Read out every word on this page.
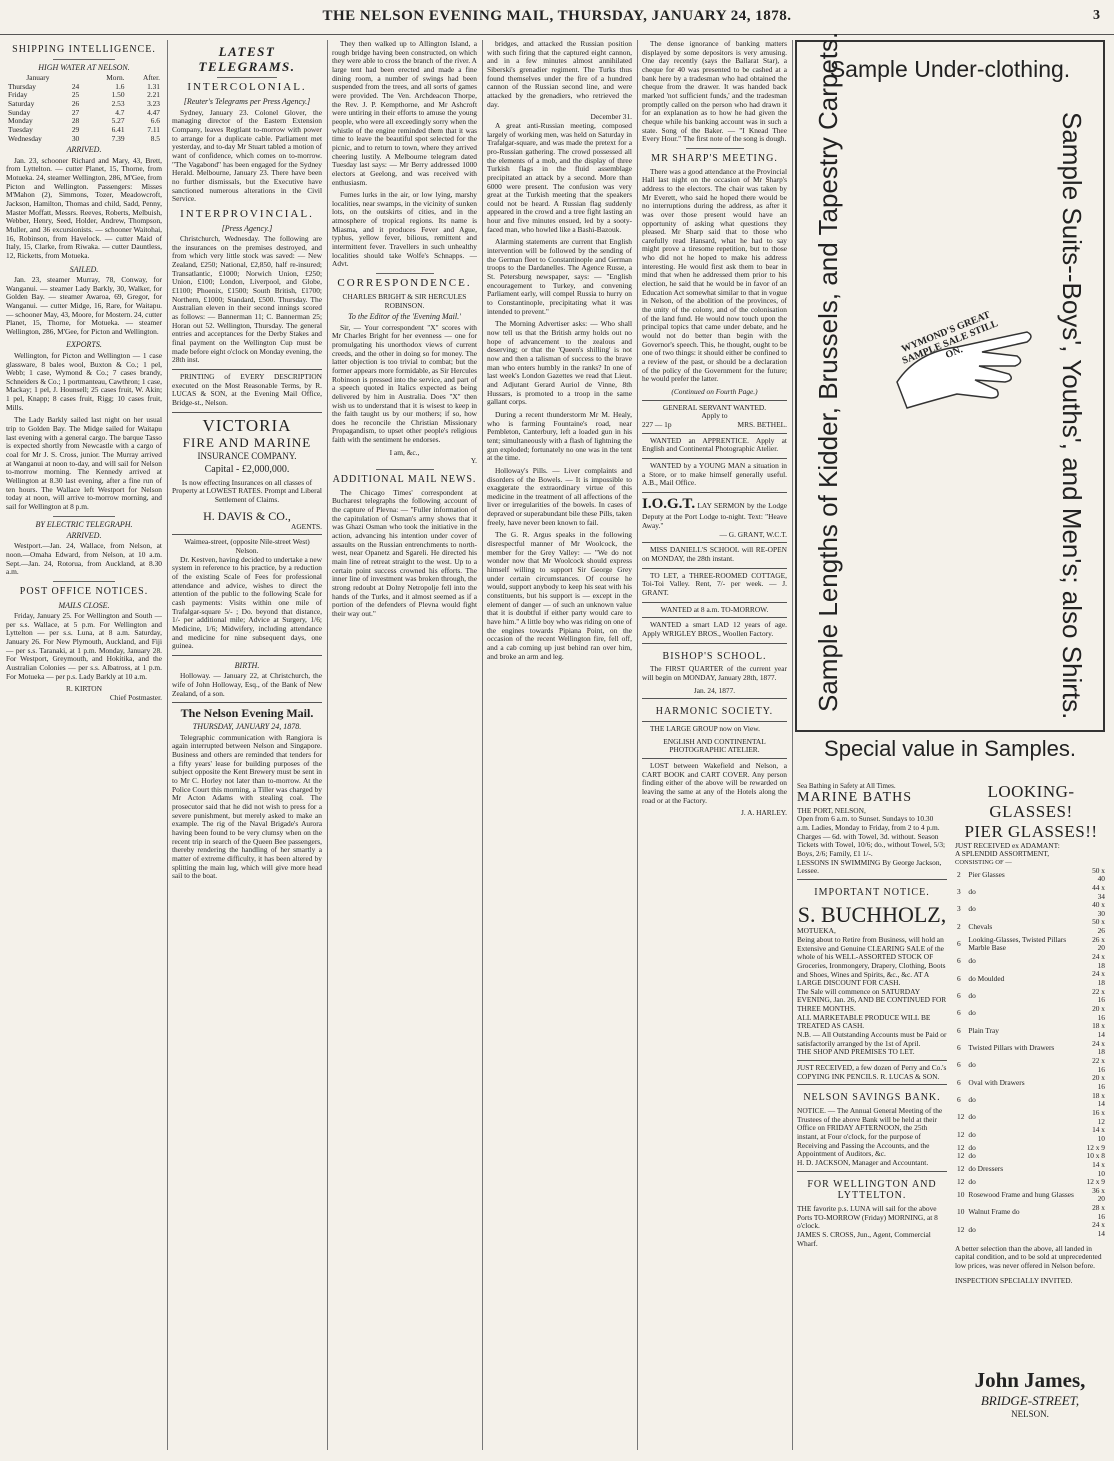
THE NELSON EVENING MAIL, THURSDAY, JANUARY 24, 1878.	3
SHIPPING INTELLIGENCE.
HIGH WATER AT NELSON.
January		Morn.	After.
Thursday	24	1.6	1.31
Friday	25	1.50	2.21
Saturday	26	2.53	3.23
Sunday	27	4.7	4.47
Monday	28	5.27	6.6
Tuesday	29	6.41	7.11
Wednesday	30	7.39	8.5
ARRIVED.

Jan. 23, schooner Richard and Mary, 43, Brett, from Lyttelton. — cutter Planet, 15, Thorne, from Motueka. 24, steamer Wellington, 286, M'Gee, from Picton and Wellington. Passengers: Misses M'Mahon (2), Simmons, Tozer, Meadowcroft, Jackson, Hamilton, Thomas and child, Sadd, Penny, Master Moffatt, Messrs. Reeves, Roberts, Melbuish, Webber, Henry, Seed, Holder, Andrew, Thompson, Muller, and 36 excursionists. — schooner Waitohai, 16, Robinson, from Havelock. — cutter Maid of Italy, 15, Clarke, from Riwaka. — cutter Dauntless, 12, Ricketts, from Motueka.

SAILED.

Jan. 23, steamer Murray, 78, Conway, for Wanganui. — steamer Lady Barkly, 30, Walker, for Golden Bay. — steamer Awaroa, 69, Gregor, for Wanganui. — cutter Midge, 16, Rare, for Waitapu. — schooner May, 43, Moore, for Mostern. 24, cutter Planet, 15, Thorne, for Motueka. — steamer Wellington, 286, M'Gee, for Picton and Wellington.

EXPORTS.

Wellington, for Picton and Wellington — 1 case glassware, 8 bales wool, Buxton & Co.; 1 pel, Webb; 1 case, Wymond & Co.; 7 cases brandy, Schneiders & Co.; 1 portmanteau, Cawthron; 1 case, Mackay; 1 pel, J. Hounsell; 25 cases fruit, W. Akin; 1 pel, Knapp; 8 cases fruit, Rigg; 10 cases fruit, Mills.

The Lady Barkly sailed last night on her usual trip to Golden Bay. The Midge sailed for Waitapu last evening with a general cargo. The barque Tasso is expected shortly from Newcastle with a cargo of coal for Mr J. S. Cross, junior. The Murray arrived at Wanganui at noon to-day, and will sail for Nelson to-morrow morning. The Kennedy arrived at Wellington at 8.30 last evening, after a fine run of ten hours. The Wallace left Westport for Nelson today at noon, will arrive to-morrow morning, and sail for Wellington at 8 p.m.

BY ELECTRIC TELEGRAPH.
ARRIVED.

Westport.—Jan. 24, Wallace, from Nelson, at noon.—Omaha Edward, from Nelson, at 10 a.m. Sept.—Jan. 24, Rotorua, from Auckland, at 8.30 a.m.

POST OFFICE NOTICES.
MAILS CLOSE.

Friday, January 25. For Wellington and South — per s.s. Wallace, at 5 p.m. For Wellington and Lyttelton — per s.s. Luna, at 8 a.m. Saturday, January 26. For New Plymouth, Auckland, and Fiji — per s.s. Taranaki, at 1 p.m. Monday, January 28. For Westport, Greymouth, and Hokitika, and the Australian Colonies — per s.s. Albatross, at 1 p.m. For Motueka — per p.s. Lady Barkly at 10 a.m.

R. KIRTON
Chief Postmaster.
LATEST TELEGRAMS.
INTERCOLONIAL.
[Reuter's Telegrams per Press Agency.]

Sydney, January 23. Colonel Glover, the managing director of the Eastern Extension Company, leaves Regtlant to-morrow with power to arrange for a duplicate cable. Parliament met yesterday, and to-day Mr Stuart tabled a motion of want of confidence, which comes on to-morrow. "The Vagabond" has been engaged for the Sydney Herald. Melbourne, January 23. There have been no further dismissals, but the Executive have sanctioned numerous alterations in the Civil Service.

INTERPROVINCIAL.
[Press Agency.]

Christchurch, Wednesday. The following are the insurances on the premises destroyed, and from which very little stock was saved: — New Zealand, £250; National, £2,850, half re-insured; Transatlantic, £1000; Norwich Union, £250; Union, £100; London, Liverpool, and Globe, £1100; Phoenix, £1500; South British, £1700; Northern, £1000; Standard, £500. Thursday. The Australian eleven in their second innings scored as follows: — Bannerman 11; C. Bannerman 25; Horan out 52. Wellington, Thursday. The general entries and acceptances for the Derby Stakes and final payment on the Wellington Cup must be made before eight o'clock on Monday evening, the 28th inst.

PRINTING of EVERY DESCRIPTION executed on the Most Reasonable Terms, by R. LUCAS & SON, at the Evening Mail Office, Bridge-st., Nelson.

VICTORIA
FIRE AND MARINE
INSURANCE COMPANY.
Capital - £2,000,000.

Is now effecting Insurances on all classes of Property at LOWEST RATES. Prompt and Liberal Settlement of Claims.

H. DAVIS & CO.,
AGENTS.
Waimea-street, (opposite Nile-street West) Nelson.

Dr. Kestven, having decided to undertake a new system in reference to his practice, by a reduction of the existing Scale of Fees for professional attendance and advice, wishes to direct the attention of the public to the following Scale for cash payments: Visits within one mile of Trafalgar-square 5/- ; Do. beyond that distance, 1/- per additional mile; Advice at Surgery, 1/6; Medicine, 1/6; Midwifery, including attendance and medicine for nine subsequent days, one guinea.

BIRTH.

Holloway. — January 22, at Christchurch, the wife of John Holloway, Esq., of the Bank of New Zealand, of a son.

The Nelson Evening Mail.
THURSDAY, JANUARY 24, 1878.

Telegraphic communication with Rangiora is again interrupted between Nelson and Singapore. Business and others are reminded that tenders for a fifty years' lease for building purposes of the subject opposite the Kent Brewery must be sent in to Mr C. Horley not later than to-morrow. At the Police Court this morning, a Tiller was charged by Mr Acton Adams with stealing coal. The prosecutor said that he did not wish to press for a severe punishment, but merely asked to make an example. The rig of the Naval Brigade's Aurora having been found to be very clumsy when on the recent trip in search of the Queen Bee passengers, thereby rendering the handling of her smartly a matter of extreme difficulty, it has been altered by splitting the main lug, which will give more head sail to the boat.

They then walked up to Allington Island, a rough bridge having been constructed, on which they were able to cross the branch of the river. A large tent had been erected and made a fine dining room, a number of swings had been suspended from the trees, and all sorts of games were provided. The Ven. Archdeacon Thorpe, the Rev. J. P. Kempthorne, and Mr Ashcroft were untiring in their efforts to amuse the young people, who were all exceedingly sorry when the whistle of the engine reminded them that it was time to leave the beautiful spot selected for the picnic, and to return to town, where they arrived cheering lustily. A Melbourne telegram dated Tuesday last says: — Mr Berry addressed 1000 electors at Geelong, and was received with enthusiasm.

Fumes lurks in the air, or low lying, marshy localities, near swamps, in the vicinity of sunken lots, on the outskirts of cities, and in the atmosphere of tropical regions. Its name is Miasma, and it produces Fever and Ague, typhus, yellow fever, bilious, remittent and intermittent fever. Travellers in such unhealthy localities should take Wolfe's Schnapps. — Advt.

CORRESPONDENCE.
CHARLES BRIGHT & SIR HERCULES ROBINSON.
To the Editor of the 'Evening Mail.'

Sir, — Your correspondent "X" scores with Mr Charles Bright for her evenness — one for promulgating his unorthodox views of current creeds, and the other in doing so for money. The latter objection is too trivial to combat; but the former appears more formidable, as Sir Hercules Robinson is pressed into the service, and part of a speech quoted in Italics expected as being delivered by him in Australia. Does "X" then wish us to understand that it is wisest to keep in the faith taught us by our mothers; if so, how does he reconcile the Christian Missionary Propagandism, to upset other people's religious faith with the sentiment he endorses.

I am, &c.,
Y.
ADDITIONAL MAIL NEWS.

The Chicago Times' correspondent at Bucharest telegraphs the following account of the capture of Plevna: — "Fuller information of the capitulation of Osman's army shows that it was Ghazi Osman who took the initiative in the action, advancing his intention under cover of assaults on the Russian entrenchments to north-west, near Opanetz and Sgareli. He directed his main line of retreat straight to the west. Up to a certain point success crowned his efforts. The inner line of investment was broken through, the strong redoubt at Dolny Netropolje fell into the hands of the Turks, and it almost seemed as if a portion of the defenders of Plevna would fight their way out."

bridges, and attacked the Russian position with such firing that the captured eight cannon, and in a few minutes almost annihilated Siberski's grenadier regiment. The Turks thus found themselves under the fire of a hundred cannon of the Russian second line, and were attacked by the grenadiers, who retrieved the day.

December 31.

A great anti-Russian meeting, composed largely of working men, was held on Saturday in Trafalgar-square, and was made the pretext for a pro-Russian gathering. The crowd possessed all the elements of a mob, and the display of three Turkish flags in the fluid assemblage precipitated an attack by a second. More than 6000 were present. The confusion was very great at the Turkish meeting that the speakers could not be heard. A Russian flag suddenly appeared in the crowd and a tree fight lasting an hour and five minutes ensued, led by a sooty-faced man, who howled like a Bashi-Bazouk.

Alarming statements are current that English intervention will be followed by the sending of the German fleet to Constantinople and German troops to the Dardanelles. The Agence Russe, a St. Petersburg newspaper, says: — "English encouragement to Turkey, and convening Parliament early, will compel Russia to hurry on to Constantinople, precipitating what it was intended to prevent."

The Morning Advertiser asks: — Who shall now tell us that the British army holds out no hope of advancement to the zealous and deserving; or that the 'Queen's shilling' is not now and then a talisman of success to the brave man who enters humbly in the ranks? In one of last week's London Gazettes we read that Lieut. and Adjutant Gerard Auriol de Vinne, 8th Hussars, is promoted to a troop in the same gallant corps.

During a recent thunderstorm Mr M. Healy, who is farming Fountaine's road, near Pembleton, Canterbury, left a loaded gun in his tent; simultaneously with a flash of lightning the gun exploded; fortunately no one was in the tent at the time.

Holloway's Pills. — Liver complaints and disorders of the Bowels. — It is impossible to exaggerate the extraordinary virtue of this medicine in the treatment of all affections of the liver or irregularities of the bowels. In cases of depraved or superabundant bile these Pills, taken freely, have never been known to fail.

The G. R. Argus speaks in the following disrespectful manner of Mr Woolcock, the member for the Grey Valley: — "We do not wonder now that Mr Woolcock should express himself willing to support Sir George Grey under certain circumstances. Of course he would, support anybody to keep his seat with his constituents, but his support is — except in the element of danger — of such an unknown value that it is doubtful if either party would care to have him." A little boy who was riding on one of the engines towards Pipiana Point, on the occasion of the recent Wellington fire, fell off, and a cab coming up just behind ran over him, and broke an arm and leg.

The dense ignorance of banking matters displayed by some depositors is very amusing. One day recently (says the Ballarat Star), a cheque for 40 was presented to be cashed at a bank here by a tradesman who had obtained the cheque from the drawer. It was handed back marked 'not sufficient funds,' and the tradesman promptly called on the person who had drawn it for an explanation as to how he had given the cheque while his banking account was in such a state. Song of the Baker. — "I Knead Thee Every Hour." The first note of the song is dough.

MR SHARP'S MEETING.

There was a good attendance at the Provincial Hall last night on the occasion of Mr Sharp's address to the electors. The chair was taken by Mr Everett, who said he hoped there would be no interruptions during the address, as after it was over those present would have an opportunity of asking what questions they pleased. Mr Sharp said that to those who carefully read Hansard, what he had to say might prove a tiresome repetition, but to those who did not he hoped to make his address interesting. He would first ask them to bear in mind that when he addressed them prior to his election, he said that he would be in favor of an Education Act somewhat similar to that in vogue in Nelson, of the abolition of the provinces, of the unity of the colony, and of the colonisation of the land fund. He would now touch upon the principal topics that came under debate, and he would not do better than begin with the Governor's speech. This, he thought, ought to be one of two things: it should either be confined to a review of the past, or should be a declaration of the policy of the Government for the future; he would prefer the latter.

(Continued on Fourth Page.)
GENERAL SERVANT WANTED.
Apply to
227 — 1p	MRS. BETHEL.

WANTED an APPRENTICE. Apply at English and Continental Photographic Atelier.

WANTED by a YOUNG MAN a situation in a Store, or to make himself generally useful. A.B., Mail Office.

I.O.G.T. LAY SERMON by the Lodge Deputy at the Port Lodge to-night. Text: "Heave Away."
— G. GRANT, W.C.T.

MISS DANIELL'S SCHOOL will RE-OPEN on MONDAY, the 28th instant.

TO LET, a THREE-ROOMED COTTAGE, Toi-Toi Valley. Rent, 7/- per week. — J. GRANT.

WANTED at 8 a.m. TO-MORROW.

WANTED a smart LAD 12 years of age. Apply WRIGLEY BROS., Woollen Factory.

BISHOP'S SCHOOL.

The FIRST QUARTER of the current year will begin on MONDAY, January 28th, 1877.

Jan. 24, 1877.
HARMONIC SOCIETY.

THE LARGE GROUP now on View.

ENGLISH AND CONTINENTAL PHOTOGRAPHIC ATELIER.

LOST between Wakefield and Nelson, a CART BOOK and CART COVER. Any person finding either of the above will be rewarded on leaving the same at any of the Hotels along the road or at the Factory.

J. A. HARLEY.
Sample Under-clothing.
Sample Lengths of Kidder, Brussels, and Tapestry Carpets.	Sample Suits--Boys', Youths', and Men's; also Shirts.
WYMOND'S GREAT SAMPLE SALE STILL ON.
Special value in Samples.
Sea Bathing in Safety at All Times.
MARINE BATHS
THE PORT, NELSON,

Open from 6 a.m. to Sunset. Sundays to 10.30 a.m. Ladies, Monday to Friday, from 2 to 4 p.m. Charges — 6d. with Towel, 3d. without. Season Tickets with Towel, 10/6; do., without Towel, 5/3; Boys, 2/6; Family, £1 1/-.

LESSONS IN SWIMMING By George Jackson, Lessee.
IMPORTANT NOTICE.
S. BUCHHOLZ,
MOTUEKA,

Being about to Retire from Business, will hold an Extensive and Genuine CLEARING SALE of the whole of his WELL-ASSORTED STOCK OF Groceries, Ironmongery, Drapery, Clothing, Boots and Shoes, Wines and Spirits, &c., &c. AT A LARGE DISCOUNT FOR CASH.

The Sale will commence on SATURDAY EVENING, Jan. 26, AND BE CONTINUED FOR THREE MONTHS.

ALL MARKETABLE PRODUCE WILL BE TREATED AS CASH.

N.B. — All Outstanding Accounts must be Paid or satisfactorily arranged by the 1st of April.

THE SHOP AND PREMISES TO LET.

JUST RECEIVED, a few dozen of Perry and Co.'s COPYING INK PENCILS. R. LUCAS & SON.

NELSON SAVINGS BANK.

NOTICE. — The Annual General Meeting of the Trustees of the above Bank will be held at their Office on FRIDAY AFTERNOON, the 25th instant, at Four o'clock, for the purpose of Receiving and Passing the Accounts, and the Appointment of Auditors, &c.

H. D. JACKSON, Manager and Accountant.
FOR WELLINGTON AND LYTTELTON.

THE favorite p.s. LUNA will sail for the above Ports TO-MORROW (Friday) MORNING, at 8 o'clock.

JAMES S. CROSS, Jun., Agent, Commercial Wharf.
LOOKING-GLASSES!
PIER GLASSES!!
JUST RECEIVED ex ADAMANT:
A SPLENDID ASSORTMENT,
CONSISTING OF —
2	Pier Glasses	50 x 40
3	do	44 x 34
3	do	40 x 30
2	Chevals	50 x 26
6	Looking-Glasses, Twisted Pillars Marble Base	26 x 20
6	do	24 x 18
6	do Moulded	24 x 18
6	do	22 x 16
6	do	20 x 16
6	Plain Tray	18 x 14
6	Twisted Pillars with Drawers	24 x 18
6	do	22 x 16
6	Oval with Drawers	20 x 16
6	do	18 x 14
12	do	16 x 12
12	do	14 x 10
12	do	12 x 9
12	do	10 x 8
12	do Dressers	14 x 10
12	do	12 x 9
10	Rosewood Frame and hung Glasses	36 x 20
10	Walnut Frame do	28 x 16
12	do	24 x 14

A better selection than the above, all landed in capital condition, and to be sold at unprecedented low prices, was never offered in Nelson before.

INSPECTION SPECIALLY INVITED.
John James,
BRIDGE-STREET,
NELSON.
